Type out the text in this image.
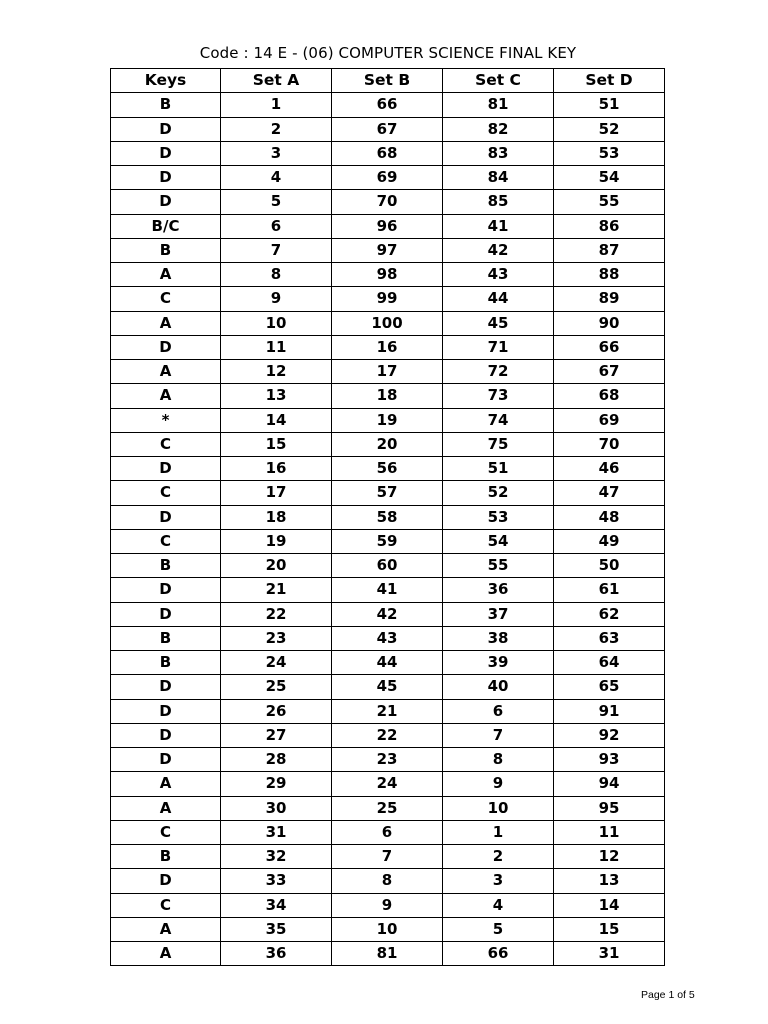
Code : 14 E - (06) COMPUTER SCIENCE FINAL KEY
Keys	Set A	Set B	Set C	Set D
B	1	66	81	51
D	2	67	82	52
D	3	68	83	53
D	4	69	84	54
D	5	70	85	55
B/C	6	96	41	86
B	7	97	42	87
A	8	98	43	88
C	9	99	44	89
A	10	100	45	90
D	11	16	71	66
A	12	17	72	67
A	13	18	73	68
*	14	19	74	69
C	15	20	75	70
D	16	56	51	46
C	17	57	52	47
D	18	58	53	48
C	19	59	54	49
B	20	60	55	50
D	21	41	36	61
D	22	42	37	62
B	23	43	38	63
B	24	44	39	64
D	25	45	40	65
D	26	21	6	91
D	27	22	7	92
D	28	23	8	93
A	29	24	9	94
A	30	25	10	95
C	31	6	1	11
B	32	7	2	12
D	33	8	3	13
C	34	9	4	14
A	35	10	5	15
A	36	81	66	31
Page 1 of 5
